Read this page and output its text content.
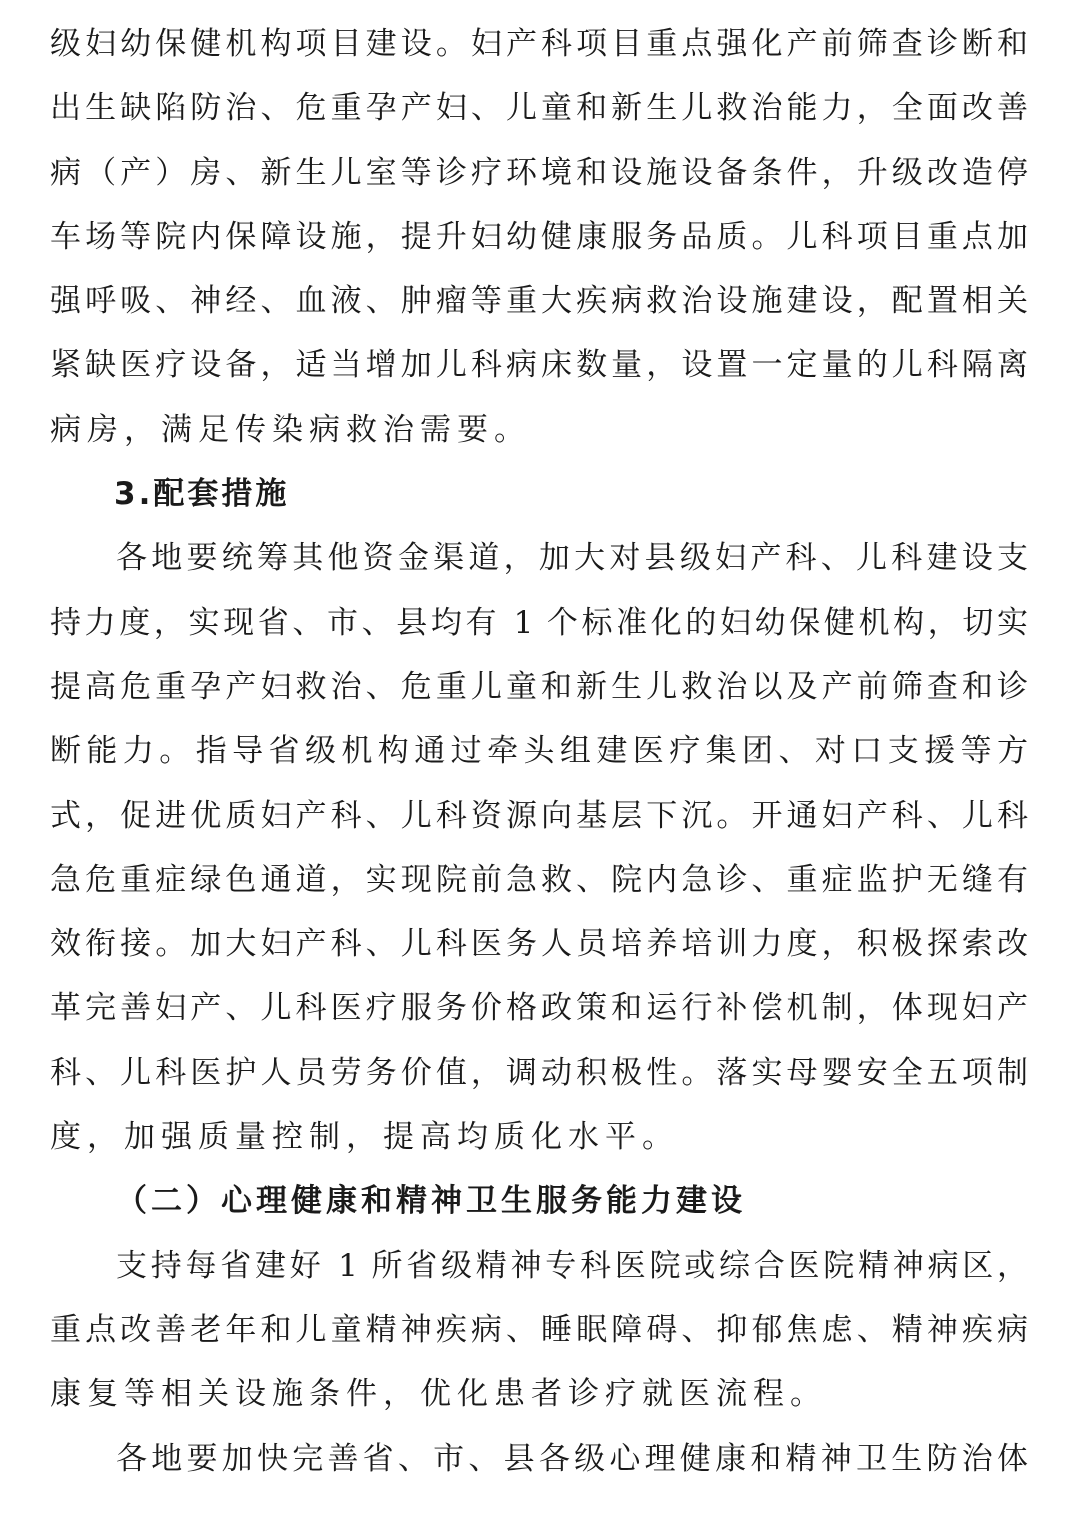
级妇幼保健机构项目建设。妇产科项目重点强化产前筛查诊断和
出生缺陷防治、危重孕产妇、儿童和新生儿救治能力，全面改善
病（产）房、新生儿室等诊疗环境和设施设备条件，升级改造停
车场等院内保障设施，提升妇幼健康服务品质。儿科项目重点加
强呼吸、神经、血液、肿瘤等重大疾病救治设施建设，配置相关
紧缺医疗设备，适当增加儿科病床数量，设置一定量的儿科隔离
病房，满足传染病救治需要。
3.配套措施
各地要统筹其他资金渠道，加大对县级妇产科、儿科建设支
持力度，实现省、市、县均有 1 个标准化的妇幼保健机构，切实
提高危重孕产妇救治、危重儿童和新生儿救治以及产前筛查和诊
断能力。指导省级机构通过牵头组建医疗集团、对口支援等方
式，促进优质妇产科、儿科资源向基层下沉。开通妇产科、儿科
急危重症绿色通道，实现院前急救、院内急诊、重症监护无缝有
效衔接。加大妇产科、儿科医务人员培养培训力度，积极探索改
革完善妇产、儿科医疗服务价格政策和运行补偿机制，体现妇产
科、儿科医护人员劳务价值，调动积极性。落实母婴安全五项制
度，加强质量控制，提高均质化水平。
（二）心理健康和精神卫生服务能力建设
支持每省建好 1 所省级精神专科医院或综合医院精神病区，
重点改善老年和儿童精神疾病、睡眠障碍、抑郁焦虑、精神疾病
康复等相关设施条件，优化患者诊疗就医流程。
各地要加快完善省、市、县各级心理健康和精神卫生防治体
